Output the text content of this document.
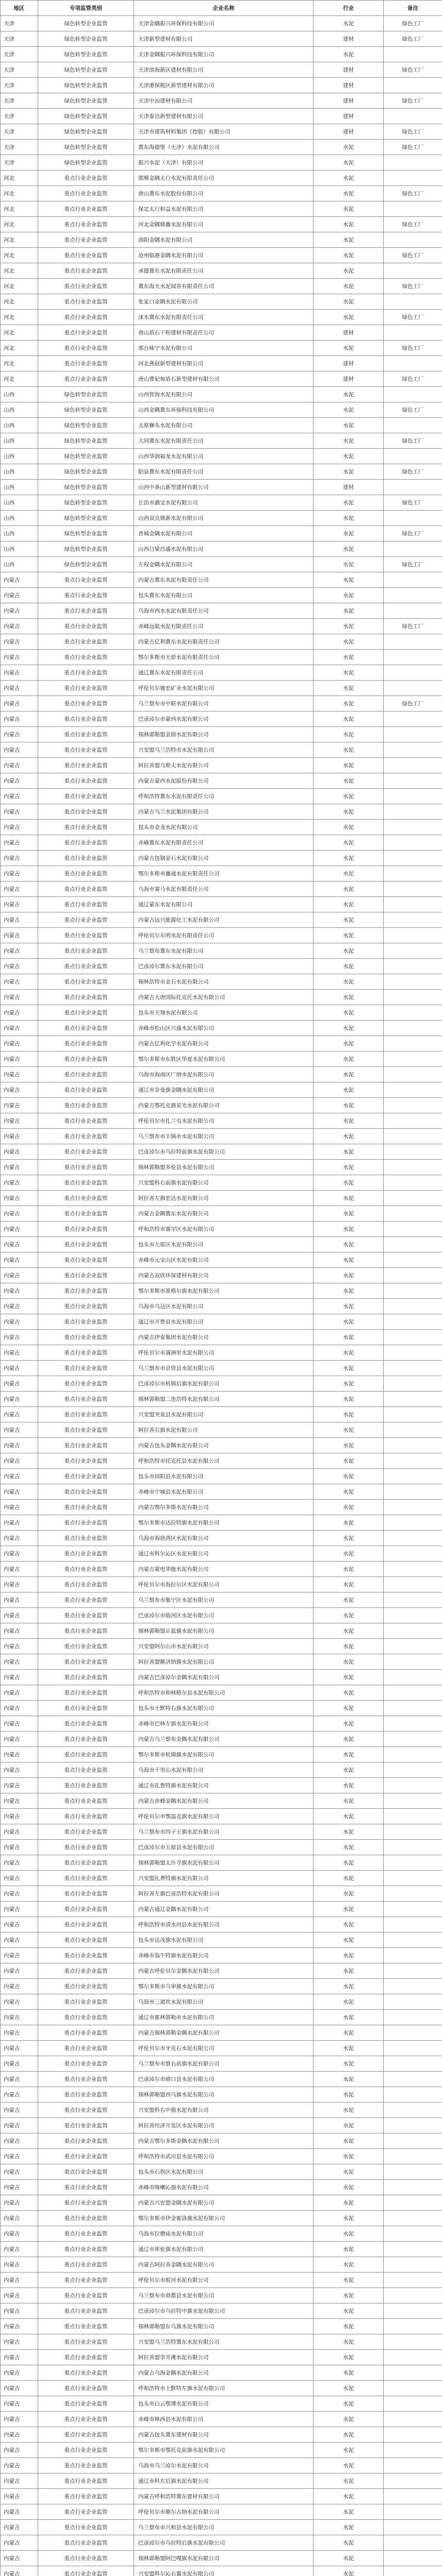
地区	专项监管类别	企业名称	行业	备注
天津	绿色转型企业监管	天津金隅振兴环保科技有限公司	水泥	绿色工厂
天津	绿色转型企业监管	天津新型建材有限公司	建材	绿色工厂
天津	绿色转型企业监管	天津金隅振兴环保科技有限公司	水泥	
天津	绿色转型企业监管	天津滨海新区建材有限公司	建材	绿色工厂
天津	绿色转型企业监管	天津港保税区新型建材有限公司	建材	
天津	绿色转型企业监管	天津中冶建材有限公司	建材	绿色工厂
天津	绿色转型企业监管	天津泰洁新型建材有限公司	建材	
天津	绿色转型企业监管	天津市建筑材料集团（控股）有限公司	建材	绿色工厂
天津	绿色转型企业监管	冀东海德堡（天津）水泥有限公司	水泥	绿色工厂
天津	绿色转型企业监管	振兴水泥（天津）有限公司	水泥	
河北	重点行业企业监管	邯郸金隅太行水泥有限责任公司	水泥	
河北	重点行业企业监管	唐山冀东水泥股份有限公司	水泥	绿色工厂
河北	重点行业企业监管	保定太行和益水泥有限公司	水泥	
河北	重点行业企业监管	河北金隅鼎鑫水泥有限公司	水泥	绿色工厂
河北	重点行业企业监管	曲阳金隅水泥有限公司	水泥	
河北	重点行业企业监管	沧州临港金隅水泥有限公司	水泥	绿色工厂
河北	重点行业企业监管	承德冀东水泥有限责任公司	水泥	
河北	重点行业企业监管	冀东海天水泥闻喜有限责任公司	水泥	绿色工厂
河北	重点行业企业监管	张家口金隅水泥有限公司	水泥	
河北	重点行业企业监管	涞水冀东水泥有限责任公司	水泥	绿色工厂
河北	重点行业企业监管	唐山盾石干粉建材有限责任公司	建材	
河北	重点行业企业监管	邢台咏宁水泥有限公司	水泥	绿色工厂
河北	重点行业企业监管	河北燕赵新型建材有限公司	建材	
河北	重点行业企业监管	唐山曹妃甸盾石新型建材有限公司	建材	绿色工厂
山西	绿色转型企业监管	山西智海水泥有限公司	水泥	
山西	绿色转型企业监管	山西金隅冀东环保科技有限公司	水泥	绿色工厂
山西	绿色转型企业监管	太原狮头水泥有限公司	水泥	
山西	绿色转型企业监管	大同冀东水泥有限责任公司	水泥	绿色工厂
山西	绿色转型企业监管	山西华润福龙水泥有限公司	水泥	
山西	绿色转型企业监管	阳泉冀东水泥有限责任公司	水泥	绿色工厂
山西	绿色转型企业监管	山西中条山新型建材有限公司	建材	
山西	绿色转型企业监管	长治市潞宝水泥有限公司	水泥	绿色工厂
山西	绿色转型企业监管	山西双良鼎新水泥有限公司	水泥	
山西	绿色转型企业监管	晋城金隅水泥有限公司	水泥	绿色工厂
山西	绿色转型企业监管	山西吕梁昌盛水泥有限公司	水泥	
山西	绿色转型企业监管	左权金隅水泥有限公司	水泥	绿色工厂
内蒙古	重点行业企业监管	内蒙古冀东水泥有限责任公司	水泥	
内蒙古	重点行业企业监管	包头冀东水泥有限公司	水泥	
内蒙古	重点行业企业监管	乌海市西水水泥有限责任公司	水泥	
内蒙古	重点行业企业监管	赤峰远航水泥有限责任公司	水泥	绿色工厂
内蒙古	重点行业企业监管	内蒙古亿利冀东水泥有限责任公司	水泥	
内蒙古	重点行业企业监管	鄂尔多斯市天骄水泥有限责任公司	水泥	
内蒙古	重点行业企业监管	通辽冀东水泥有限责任公司	水泥	
内蒙古	重点行业企业监管	呼伦贝尔驰宏矿业水泥有限公司	水泥	
内蒙古	重点行业企业监管	乌兰察布市中联水泥有限公司	水泥	绿色工厂
内蒙古	重点行业企业监管	巴彦淖尔市蒙西水泥有限公司	水泥	
内蒙古	重点行业企业监管	锡林郭勒盟金圆水泥有限公司	水泥	
内蒙古	重点行业企业监管	兴安盟乌兰浩特市水泥有限公司	水泥	
内蒙古	重点行业企业监管	阿拉善盟乌斯太水泥有限公司	水泥	
内蒙古	重点行业企业监管	内蒙古蒙西水泥股份有限公司	水泥	
内蒙古	重点行业企业监管	呼和浩特冀东水泥有限责任公司	水泥	
内蒙古	重点行业企业监管	内蒙古乌兰水泥集团有限公司	水泥	
内蒙古	重点行业企业监管	包头市金龙水泥有限公司	水泥	
内蒙古	重点行业企业监管	赤峰冀东水泥有限责任公司	水泥	
内蒙古	重点行业企业监管	内蒙古包钢金石水泥有限公司	水泥	
内蒙古	重点行业企业监管	鄂尔多斯市鑫通水泥有限责任公司	水泥	
内蒙古	重点行业企业监管	乌海市赛马水泥有限责任公司	水泥	
内蒙古	重点行业企业监管	通辽蒙东水泥有限公司	水泥	
内蒙古	重点行业企业监管	内蒙古远兴能源化工水泥有限公司	水泥	
内蒙古	重点行业企业监管	呼伦贝尔东明水泥有限责任公司	水泥	
内蒙古	重点行业企业监管	乌兰察布冀东水泥有限公司	水泥	
内蒙古	重点行业企业监管	巴彦淖尔冀东水泥有限公司	水泥	
内蒙古	重点行业企业监管	锡林浩特市金石水泥有限公司	水泥	
内蒙古	重点行业企业监管	内蒙古大唐国际托克托水泥有限公司	水泥	
内蒙古	重点行业企业监管	包头市天翔水泥有限公司	水泥	
内蒙古	重点行业企业监管	赤峰市松山区兴盛水泥有限公司	水泥	
内蒙古	重点行业企业监管	内蒙古亿利化学水泥有限公司	水泥	
内蒙古	重点行业企业监管	鄂尔多斯市东胜区华夏水泥有限公司	水泥	
内蒙古	重点行业企业监管	乌海市海南区广纳水泥有限公司	水泥	
内蒙古	重点行业企业监管	通辽市奈曼旗金隅水泥有限公司	水泥	
内蒙古	重点行业企业监管	内蒙古鄂托克旗星光水泥有限公司	水泥	
内蒙古	重点行业企业监管	呼伦贝尔市扎兰屯水泥有限公司	水泥	
内蒙古	重点行业企业监管	乌兰察布市丰镇市水泥有限公司	水泥	
内蒙古	重点行业企业监管	巴彦淖尔市乌拉特前旗水泥有限公司	水泥	
内蒙古	重点行业企业监管	锡林郭勒盟多伦县水泥有限公司	水泥	
内蒙古	重点行业企业监管	兴安盟科右前旗水泥有限公司	水泥	
内蒙古	重点行业企业监管	阿拉善左旗宏达水泥有限公司	水泥	
内蒙古	重点行业企业监管	内蒙古金隅冀东水泥有限公司	水泥	
内蒙古	重点行业企业监管	呼和浩特市赛罕区水泥有限公司	水泥	
内蒙古	重点行业企业监管	包头市九原区水泥有限公司	水泥	
内蒙古	重点行业企业监管	赤峰市元宝山区水泥有限公司	水泥	
内蒙古	重点行业企业监管	内蒙古双欣环保建材有限公司	水泥	
内蒙古	重点行业企业监管	鄂尔多斯市准格尔旗水泥有限公司	水泥	
内蒙古	重点行业企业监管	乌海市乌达区水泥有限公司	水泥	
内蒙古	重点行业企业监管	通辽市开鲁县水泥有限公司	水泥	
内蒙古	重点行业企业监管	内蒙古伊泰集团水泥有限公司	水泥	
内蒙古	重点行业企业监管	呼伦贝尔市满洲里水泥有限公司	水泥	
内蒙古	重点行业企业监管	乌兰察布市卓资县水泥有限公司	水泥	
内蒙古	重点行业企业监管	巴彦淖尔市杭锦后旗水泥有限公司	水泥	
内蒙古	重点行业企业监管	锡林郭勒盟二连浩特水泥有限公司	水泥	
内蒙古	重点行业企业监管	兴安盟突泉县水泥有限公司	水泥	
内蒙古	重点行业企业监管	阿拉善右旗水泥有限公司	水泥	
内蒙古	重点行业企业监管	内蒙古包头金隅水泥有限公司	水泥	
内蒙古	重点行业企业监管	呼和浩特市托克托县水泥有限公司	水泥	
内蒙古	重点行业企业监管	包头市固阳县水泥有限公司	水泥	
内蒙古	重点行业企业监管	赤峰市宁城县水泥有限公司	水泥	
内蒙古	重点行业企业监管	内蒙古鄂尔多斯水泥有限公司	水泥	
内蒙古	重点行业企业监管	鄂尔多斯市达拉特旗水泥有限公司	水泥	
内蒙古	重点行业企业监管	乌海市海勃湾区水泥有限公司	水泥	
内蒙古	重点行业企业监管	通辽市科尔沁区水泥有限公司	水泥	
内蒙古	重点行业企业监管	内蒙古蒙电华能水泥有限公司	水泥	
内蒙古	重点行业企业监管	呼伦贝尔市海拉尔区水泥有限公司	水泥	
内蒙古	重点行业企业监管	乌兰察布市集宁区水泥有限公司	水泥	
内蒙古	重点行业企业监管	巴彦淖尔市临河区水泥有限公司	水泥	
内蒙古	重点行业企业监管	锡林郭勒盟正蓝旗水泥有限公司	水泥	
内蒙古	重点行业企业监管	兴安盟阿尔山市水泥有限公司	水泥	
内蒙古	重点行业企业监管	阿拉善盟额济纳旗水泥有限公司	水泥	
内蒙古	重点行业企业监管	内蒙古巴彦淖尔金隅水泥有限公司	水泥	
内蒙古	重点行业企业监管	呼和浩特市和林格尔县水泥有限公司	水泥	
内蒙古	重点行业企业监管	包头市土默特右旗水泥有限公司	水泥	
内蒙古	重点行业企业监管	赤峰市巴林左旗水泥有限公司	水泥	
内蒙古	重点行业企业监管	内蒙古乌兰察布金隅水泥有限公司	水泥	
内蒙古	重点行业企业监管	鄂尔多斯市杭锦旗水泥有限公司	水泥	
内蒙古	重点行业企业监管	乌海市千里山水泥有限公司	水泥	
内蒙古	重点行业企业监管	通辽市扎鲁特旗水泥有限公司	水泥	
内蒙古	重点行业企业监管	内蒙古赤峰金隅水泥有限公司	水泥	
内蒙古	重点行业企业监管	呼伦贝尔市鄂温克旗水泥有限公司	水泥	
内蒙古	重点行业企业监管	乌兰察布市四子王旗水泥有限公司	水泥	
内蒙古	重点行业企业监管	巴彦淖尔市五原县水泥有限公司	水泥	
内蒙古	重点行业企业监管	锡林郭勒盟太仆寺旗水泥有限公司	水泥	
内蒙古	重点行业企业监管	兴安盟扎赉特旗水泥有限公司	水泥	
内蒙古	重点行业企业监管	阿拉善左旗巴彦浩特水泥有限公司	水泥	
内蒙古	重点行业企业监管	内蒙古通辽金隅水泥有限公司	水泥	
内蒙古	重点行业企业监管	呼和浩特市清水河县水泥有限公司	水泥	
内蒙古	重点行业企业监管	包头市达茂旗水泥有限公司	水泥	
内蒙古	重点行业企业监管	赤峰市翁牛特旗水泥有限公司	水泥	
内蒙古	重点行业企业监管	内蒙古呼伦贝尔金隅水泥有限公司	水泥	
内蒙古	重点行业企业监管	鄂尔多斯市乌审旗水泥有限公司	水泥	
内蒙古	重点行业企业监管	乌海市三道坎水泥有限公司	水泥	
内蒙古	重点行业企业监管	通辽市霍林郭勒市水泥有限公司	水泥	
内蒙古	重点行业企业监管	内蒙古锡林郭勒金隅水泥有限公司	水泥	
内蒙古	重点行业企业监管	呼伦贝尔市牙克石水泥有限公司	水泥	
内蒙古	重点行业企业监管	乌兰察布市察右前旗水泥有限公司	水泥	
内蒙古	重点行业企业监管	巴彦淖尔市磴口县水泥有限公司	水泥	
内蒙古	重点行业企业监管	锡林郭勒盟西乌旗水泥有限公司	水泥	
内蒙古	重点行业企业监管	兴安盟科右中旗水泥有限公司	水泥	
内蒙古	重点行业企业监管	阿拉善经济开发区水泥有限公司	水泥	
内蒙古	重点行业企业监管	内蒙古鄂尔多斯金隅水泥有限公司	水泥	
内蒙古	重点行业企业监管	呼和浩特市武川县水泥有限公司	水泥	
内蒙古	重点行业企业监管	包头市石拐区水泥有限公司	水泥	
内蒙古	重点行业企业监管	赤峰市喀喇沁旗水泥有限公司	水泥	
内蒙古	重点行业企业监管	内蒙古兴安盟金隅水泥有限公司	水泥	
内蒙古	重点行业企业监管	鄂尔多斯市伊金霍洛旗水泥有限公司	水泥	
内蒙古	重点行业企业监管	乌海市拉僧庙水泥有限公司	水泥	
内蒙古	重点行业企业监管	通辽市库伦旗水泥有限公司	水泥	
内蒙古	重点行业企业监管	内蒙古阿拉善金隅水泥有限公司	水泥	
内蒙古	重点行业企业监管	呼伦贝尔市根河水泥有限公司	水泥	
内蒙古	重点行业企业监管	乌兰察布市商都县水泥有限公司	水泥	
内蒙古	重点行业企业监管	巴彦淖尔市乌拉特中旗水泥有限公司	水泥	
内蒙古	重点行业企业监管	锡林郭勒盟东乌旗水泥有限公司	水泥	
内蒙古	重点行业企业监管	兴安盟乌兰浩特冀东水泥有限公司	水泥	
内蒙古	重点行业企业监管	阿拉善盟孪井滩水泥有限公司	水泥	
内蒙古	重点行业企业监管	内蒙古乌海金隅水泥有限公司	水泥	
内蒙古	重点行业企业监管	呼和浩特市土默特左旗水泥有限公司	水泥	
内蒙古	重点行业企业监管	包头市白云鄂博水泥有限公司	水泥	
内蒙古	重点行业企业监管	赤峰市林西县水泥有限公司	水泥	
内蒙古	重点行业企业监管	内蒙古包头冀东建材有限公司	水泥	
内蒙古	重点行业企业监管	鄂尔多斯市鄂托克前旗水泥有限公司	水泥	
内蒙古	重点行业企业监管	乌海市乌兰淖尔水泥有限公司	水泥	
内蒙古	重点行业企业监管	通辽市科左后旗水泥有限公司	水泥	
内蒙古	重点行业企业监管	内蒙古呼和浩特冀东建材有限公司	水泥	
内蒙古	重点行业企业监管	呼伦贝尔市额尔古纳水泥有限公司	水泥	
内蒙古	重点行业企业监管	乌兰察布市兴和县水泥有限公司	水泥	
内蒙古	重点行业企业监管	巴彦淖尔市乌拉特后旗水泥有限公司	水泥	
内蒙古	重点行业企业监管	锡林郭勒盟阿巴嘎旗水泥有限公司	水泥	
内蒙古	重点行业企业监管	兴安盟科尔沁右翼水泥有限公司	水泥	
